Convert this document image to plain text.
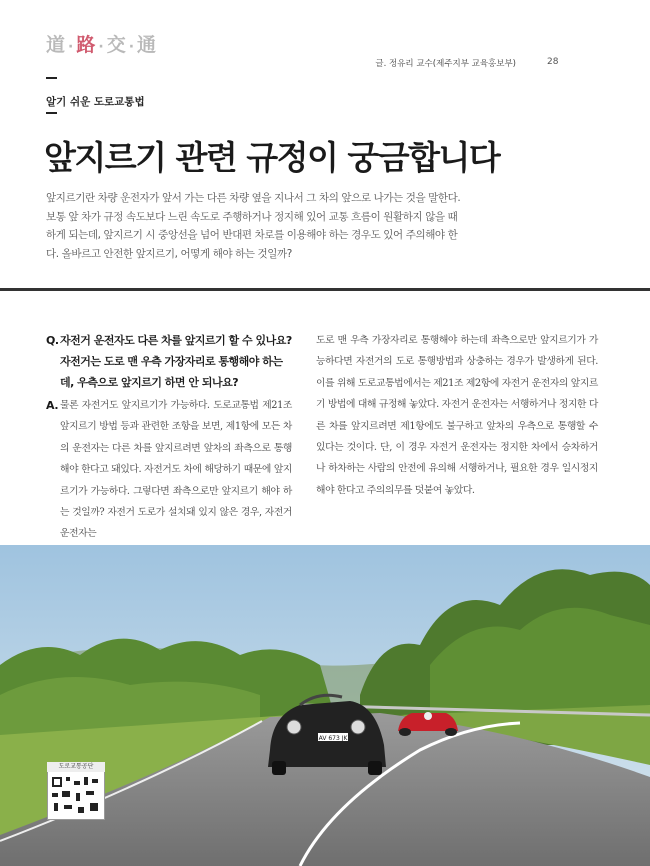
道 · 路 · 交 · 通
글. 정유리 교수(제주지부 교육홍보부)	28
알기 쉬운 도로교통법
앞지르기 관련 규정이 궁금합니다
앞지르기란 차량 운전자가 앞서 가는 다른 차량 옆을 지나서 그 차의 앞으로 나가는 것을 말한다. 보통 앞 차가 규정 속도보다 느린 속도로 주행하거나 정지해 있어 교통 흐름이 원활하지 않을 때 하게 되는데, 앞지르기 시 중앙선을 넘어 반대편 차로를 이용해야 하는 경우도 있어 주의해야 한다. 올바르고 안전한 앞지르기, 어떻게 해야 하는 것일까?
Q. 자전거 운전자도 다른 차를 앞지르기 할 수 있나요? 자전거는 도로 맨 우측 가장자리로 통행해야 하는데, 우측으로 앞지르기 하면 안 되나요?
A. 물론 자전거도 앞지르기가 가능하다. 도로교통법 제21조 앞지르기 방법 등과 관련한 조항을 보면, 제1항에 모든 차의 운전자는 다른 차를 앞지르려면 앞차의 좌측으로 통행해야 한다고 돼있다. 자전거도 차에 해당하기 때문에 앞지르기가 가능하다. 그렇다면 좌측으로만 앞지르기 해야 하는 것일까? 자전거 도로가 설치돼 있지 않은 경우, 자전거 운전자는
도로 맨 우측 가장자리로 통행해야 하는데 좌측으로만 앞지르기가 가능하다면 자전거의 도로 통행방법과 상충하는 경우가 발생하게 된다. 이를 위해 도로교통법에서는 제21조 제2항에 자전거 운전자의 앞지르기 방법에 대해 규정해 놓았다. 자전거 운전자는 서행하거나 정지한 다른 차를 앞지르려면 제1항에도 불구하고 앞차의 우측으로 통행할 수 있다는 것이다. 단, 이 경우 자전거 운전자는 정지한 차에서 승차하거나 하차하는 사람의 안전에 유의해 서행하거나, 필요한 경우 일시정지 해야 한다고 주의의무를 덧붙여 놓았다.
AV 673 JK
도로교통공단
